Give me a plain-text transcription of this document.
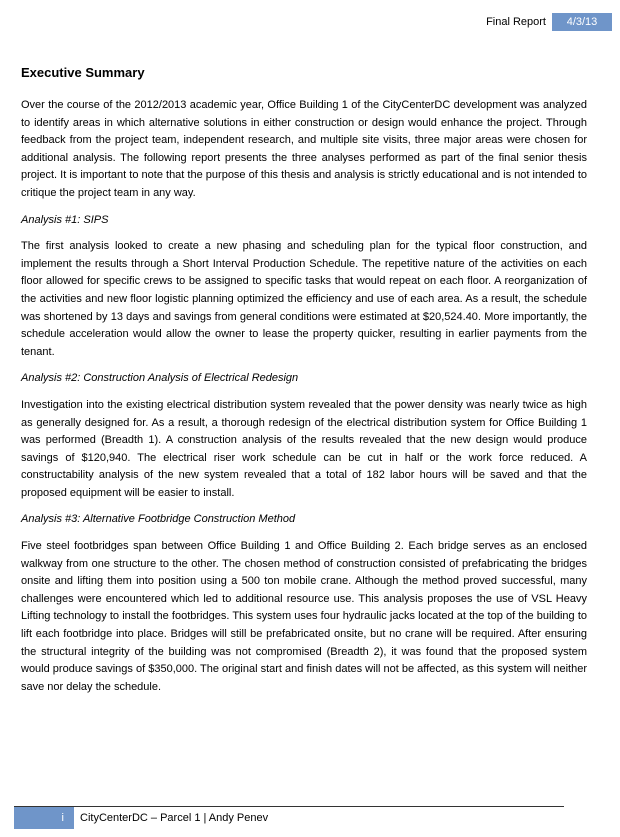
Final Report	4/3/13
Executive Summary

Over the course of the 2012/2013 academic year, Office Building 1 of the CityCenterDC development was analyzed to identify areas in which alternative solutions in either construction or design would enhance the project. Through feedback from the project team, independent research, and multiple site visits, three major areas were chosen for additional analysis. The following report presents the three analyses performed as part of the final senior thesis project. It is important to note that the purpose of this thesis and analysis is strictly educational and is not intended to critique the project team in any way.

Analysis #1: SIPS

The first analysis looked to create a new phasing and scheduling plan for the typical floor construction, and implement the results through a Short Interval Production Schedule. The repetitive nature of the activities on each floor allowed for specific crews to be assigned to specific tasks that would repeat on each floor. A reorganization of the activities and new floor logistic planning optimized the efficiency and use of each area. As a result, the schedule was shortened by 13 days and savings from general conditions were estimated at $20,524.40. More importantly, the schedule acceleration would allow the owner to lease the property quicker, resulting in earlier payments from the tenant.

Analysis #2: Construction Analysis of Electrical Redesign

Investigation into the existing electrical distribution system revealed that the power density was nearly twice as high as generally designed for. As a result, a thorough redesign of the electrical distribution system for Office Building 1 was performed (Breadth 1). A construction analysis of the results revealed that the new design would produce savings of $120,940. The electrical riser work schedule can be cut in half or the work force reduced. A constructability analysis of the new system revealed that a total of 182 labor hours will be saved and that the proposed equipment will be easier to install.

Analysis #3: Alternative Footbridge Construction Method

Five steel footbridges span between Office Building 1 and Office Building 2. Each bridge serves as an enclosed walkway from one structure to the other. The chosen method of construction consisted of prefabricating the bridges onsite and lifting them into position using a 500 ton mobile crane. Although the method proved successful, many challenges were encountered which led to additional resource use. This analysis proposes the use of VSL Heavy Lifting technology to install the footbridges. This system uses four hydraulic jacks located at the top of the building to lift each footbridge into place. Bridges will still be prefabricated onsite, but no crane will be required. After ensuring the structural integrity of the building was not compromised (Breadth 2), it was found that the proposed system would produce savings of $350,000. The original start and finish dates will not be affected, as this system will neither save nor delay the schedule.

i	CityCenterDC – Parcel 1 | Andy Penev
